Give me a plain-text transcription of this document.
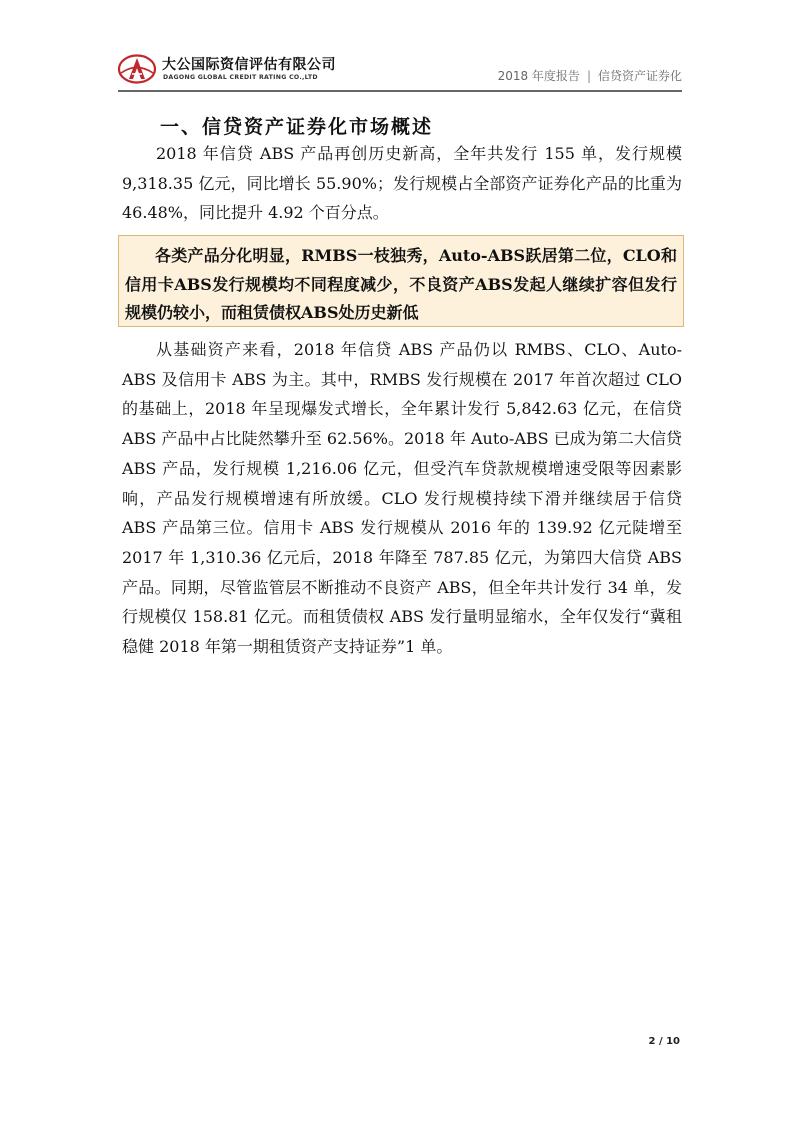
大公国际资信评估有限公司
DAGONG GLOBAL CREDIT RATING CO.,LTD	2018 年度报告 | 信贷资产证券化
一、信贷资产证券化市场概述

2018 年信贷 ABS 产品再创历史新高，全年共发行 155 单，发行规模 9,318.35 亿元，同比增长 55.90%；发行规模占全部资产证券化产品的比重为 46.48%，同比提升 4.92 个百分点。

各类产品分化明显，RMBS一枝独秀，Auto-ABS跃居第二位，CLO和信用卡ABS发行规模均不同程度减少，不良资产ABS发起人继续扩容但发行规模仍较小，而租赁债权ABS处历史新低

从基础资产来看，2018 年信贷 ABS 产品仍以 RMBS、CLO、Auto-ABS 及信用卡 ABS 为主。其中，RMBS 发行规模在 2017 年首次超过 CLO 的基础上，2018 年呈现爆发式增长，全年累计发行 5,842.63 亿元，在信贷 ABS 产品中占比陡然攀升至 62.56%。2018 年 Auto-ABS 已成为第二大信贷 ABS 产品，发行规模 1,216.06 亿元，但受汽车贷款规模增速受限等因素影响，产品发行规模增速有所放缓。CLO 发行规模持续下滑并继续居于信贷 ABS 产品第三位。信用卡 ABS 发行规模从 2016 年的 139.92 亿元陡增至 2017 年 1,310.36 亿元后，2018 年降至 787.85 亿元，为第四大信贷 ABS 产品。同期，尽管监管层不断推动不良资产 ABS，但全年共计发行 34 单，发行规模仅 158.81 亿元。而租赁债权 ABS 发行量明显缩水，全年仅发行“冀租稳健 2018 年第一期租赁资产支持证券”1 单。

2 / 10
